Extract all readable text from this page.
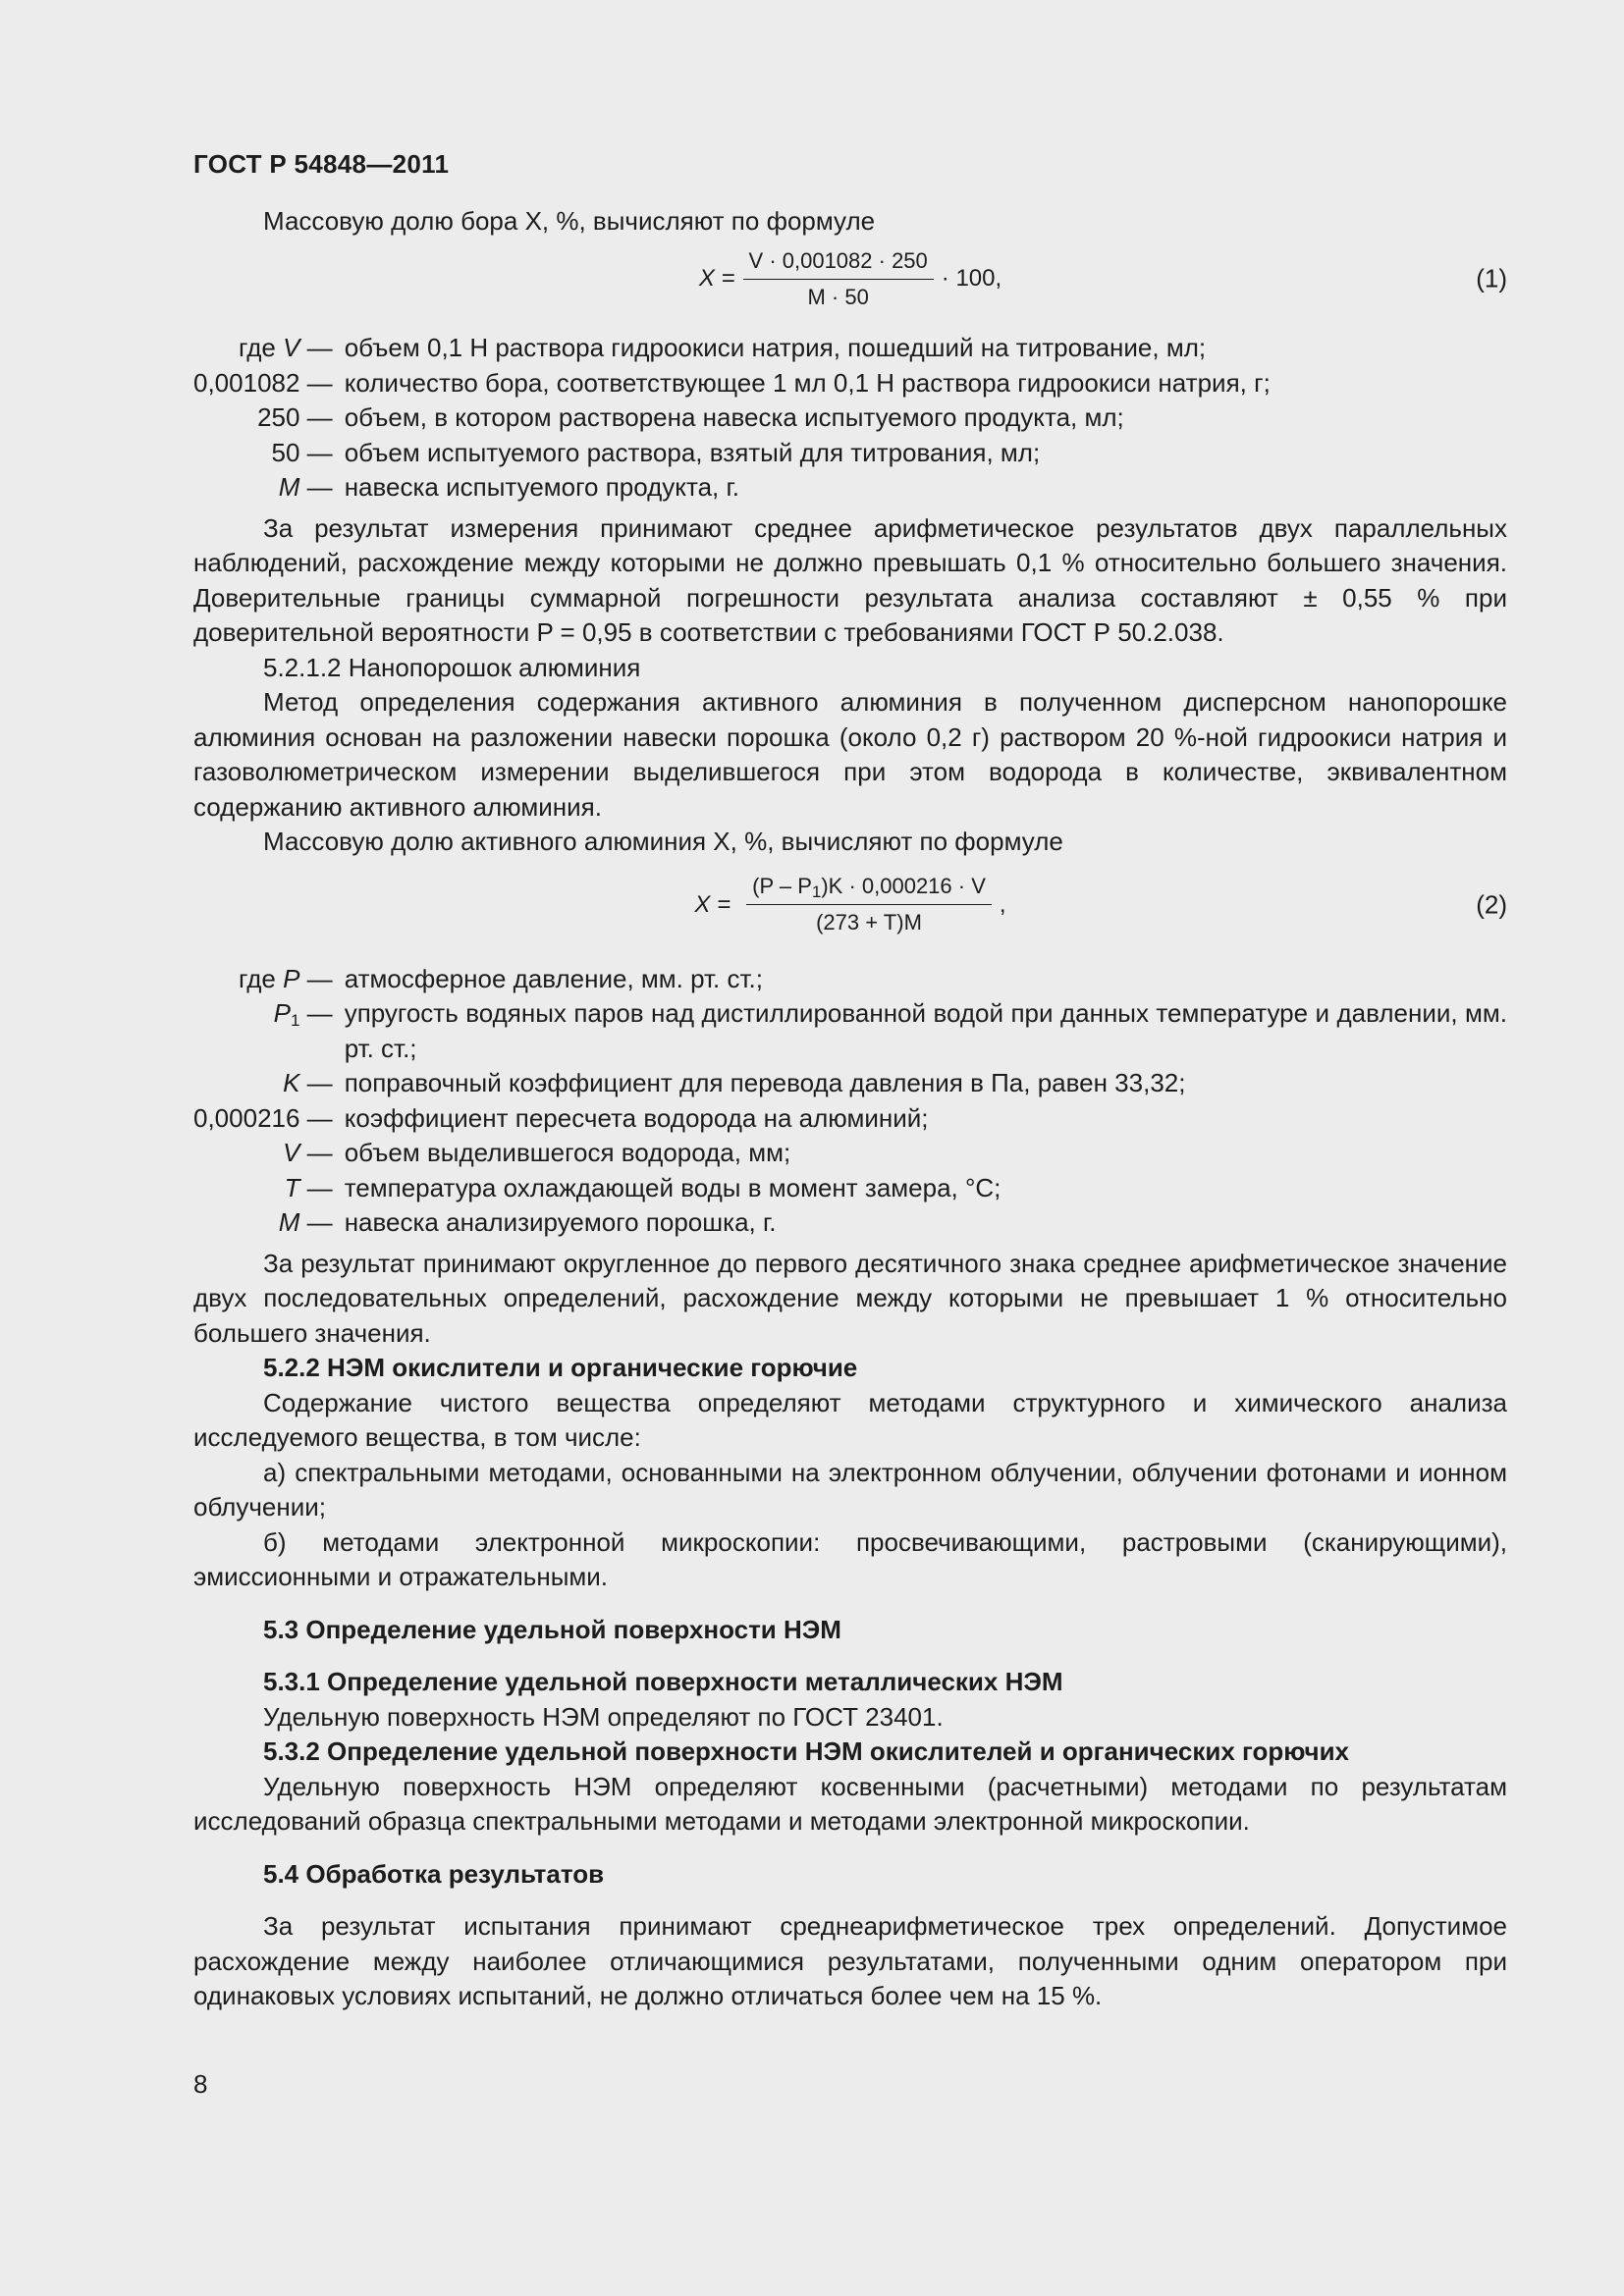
ГОСТ Р 54848—2011

Массовую долю бора X, %, вычисляют по формуле

$X = \frac{V \cdot 0,001082 \cdot 250}{M \cdot 50} \cdot 100$,	(1)
где V —	объем 0,1 Н раствора гидроокиси натрия, пошедший на титрование, мл;
0,001082 —	количество бора, соответствующее 1 мл 0,1 Н раствора гидроокиси натрия, г;
250 —	объем, в котором растворена навеска испытуемого продукта, мл;
50 —	объем испытуемого раствора, взятый для титрования, мл;
M —	навеска испытуемого продукта, г.

За результат измерения принимают среднее арифметическое результатов двух параллельных наблюдений, расхождение между которыми не должно превышать 0,1 % относительно большего значения. Доверительные границы суммарной погрешности результата анализа составляют ± 0,55 % при доверительной вероятности P = 0,95 в соответствии с требованиями ГОСТ Р 50.2.038.

5.2.1.2 Нанопорошок алюминия

Метод определения содержания активного алюминия в полученном дисперсном нанопорошке алюминия основан на разложении навески порошка (около 0,2 г) раствором 20 %-ной гидроокиси натрия и газоволюметрическом измерении выделившегося при этом водорода в количестве, эквивалентном содержанию активного алюминия.

Массовую долю активного алюминия X, %, вычисляют по формуле

$X = \frac{(P - P_1)K \cdot 0,000216 \cdot V}{(273 + T)M}$ ,	(2)
где P —	атмосферное давление, мм. рт. ст.;
$P_1$ —	упругость водяных паров над дистиллированной водой при данных температуре и давлении, мм. рт. ст.;
K —	поправочный коэффициент для перевода давления в Па, равен 33,32;
0,000216 —	коэффициент пересчета водорода на алюминий;
V —	объем выделившегося водорода, мм;
T —	температура охлаждающей воды в момент замера, °С;
M —	навеска анализируемого порошка, г.

За результат принимают округленное до первого десятичного знака среднее арифметическое значение двух последовательных определений, расхождение между которыми не превышает 1 % относительно большего значения.

5.2.2 НЭМ окислители и органические горючие

Содержание чистого вещества определяют методами структурного и химического анализа исследуемого вещества, в том числе:

а) спектральными методами, основанными на электронном облучении, облучении фотонами и ионном облучении;

б) методами электронной микроскопии: просвечивающими, растровыми (сканирующими), эмиссионными и отражательными.

5.3 Определение удельной поверхности НЭМ

5.3.1 Определение удельной поверхности металлических НЭМ

Удельную поверхность НЭМ определяют по ГОСТ 23401.

5.3.2 Определение удельной поверхности НЭМ окислителей и органических горючих

Удельную поверхность НЭМ определяют косвенными (расчетными) методами по результатам исследований образца спектральными методами и методами электронной микроскопии.

5.4 Обработка результатов

За результат испытания принимают среднеарифметическое трех определений. Допустимое расхождение между наиболее отличающимися результатами, полученными одним оператором при одинаковых условиях испытаний, не должно отличаться более чем на 15 %.

8
